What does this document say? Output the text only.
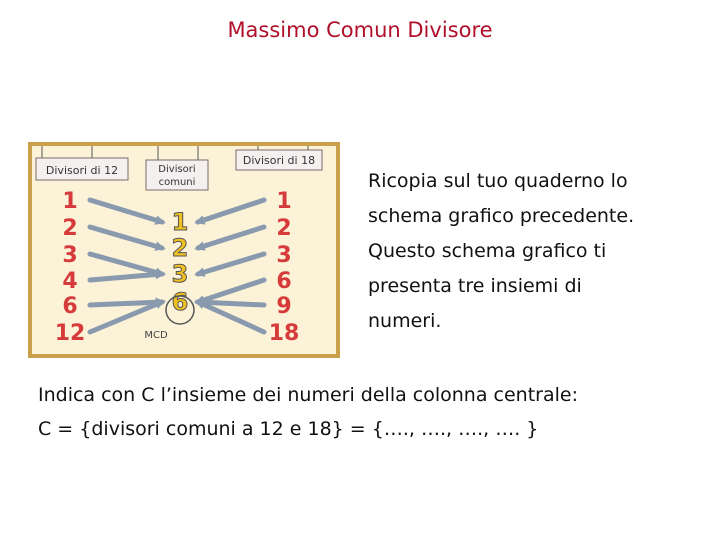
Massimo Comun Divisore
Divisori di 12	Divisori
comuni
Divisori di 18
1
2
3
4
6
12
1
2
3
6
1
2
3
6
9
18
MCD
Ricopia sul tuo quaderno lo
schema grafico precedente.
Questo schema grafico ti
presenta tre insiemi di
numeri.
Indica con C l’insieme dei numeri della colonna centrale:
C = {divisori comuni a 12 e 18} = {…., …., …., …. }
